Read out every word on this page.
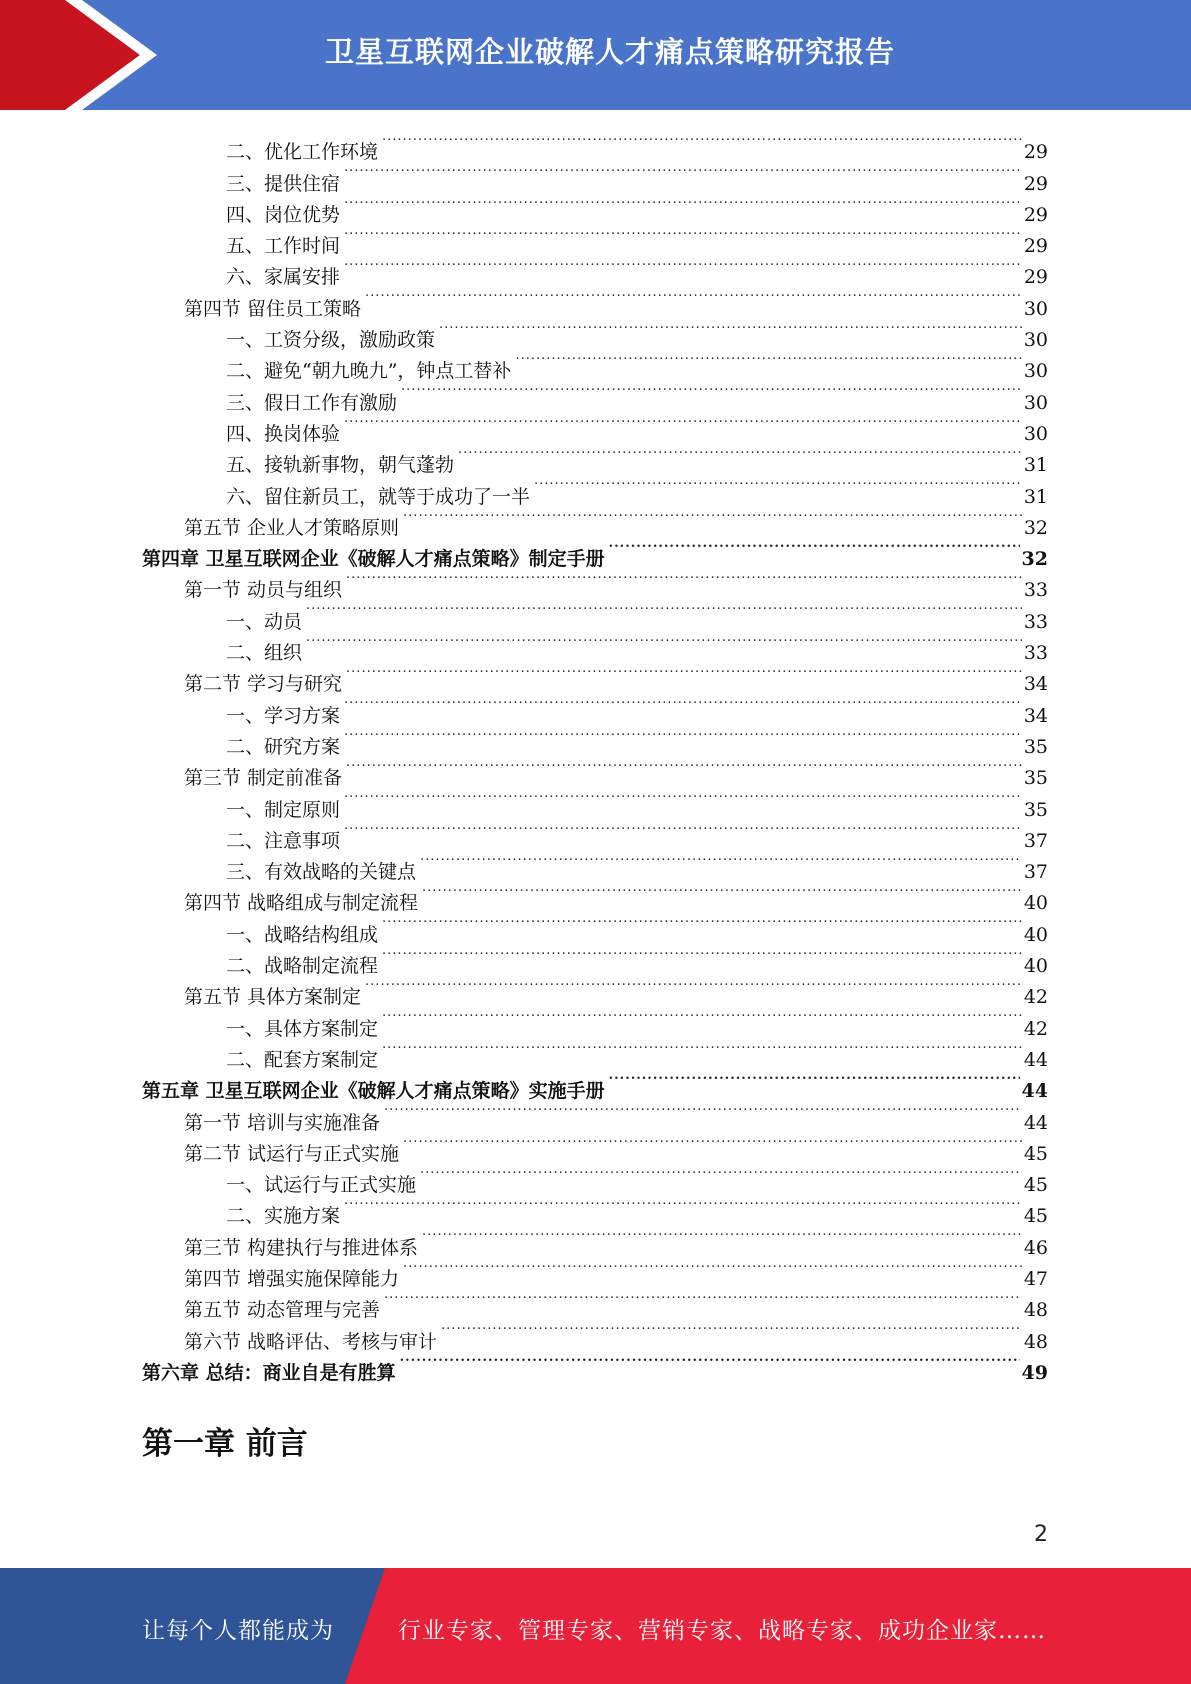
卫星互联网企业破解人才痛点策略研究报告
二、优化工作环境 .....	29
三、提供住宿 .....	29
四、岗位优势 .....	29
五、工作时间 .....	29
六、家属安排 .....	29
第四节 留住员工策略 .....	30
一、工资分级，激励政策 .....	30
二、避免“朝九晚九”，钟点工替补 .....	30
三、假日工作有激励 .....	30
四、换岗体验 .....	30
五、接轨新事物，朝气蓬勃 .....	31
六、留住新员工，就等于成功了一半 .....	31
第五节 企业人才策略原则 .....	32
第四章 卫星互联网企业《破解人才痛点策略》制定手册 .....	32
第一节 动员与组织 .....	33
一、动员 .....	33
二、组织 .....	33
第二节 学习与研究 .....	34
一、学习方案 .....	34
二、研究方案 .....	35
第三节 制定前准备 .....	35
一、制定原则 .....	35
二、注意事项 .....	37
三、有效战略的关键点 .....	37
第四节 战略组成与制定流程 .....	40
一、战略结构组成 .....	40
二、战略制定流程 .....	40
第五节 具体方案制定 .....	42
一、具体方案制定 .....	42
二、配套方案制定 .....	44
第五章 卫星互联网企业《破解人才痛点策略》实施手册 .....	44
第一节 培训与实施准备 .....	44
第二节 试运行与正式实施 .....	45
一、试运行与正式实施 .....	45
二、实施方案 .....	45
第三节 构建执行与推进体系 .....	46
第四节 增强实施保障能力 .....	47
第五节 动态管理与完善 .....	48
第六节 战略评估、考核与审计 .....	48
第六章 总结：商业自是有胜算 .....	49
第一章 前言
2
让每个人都能成为	行业专家、管理专家、营销专家、战略专家、成功企业家……
